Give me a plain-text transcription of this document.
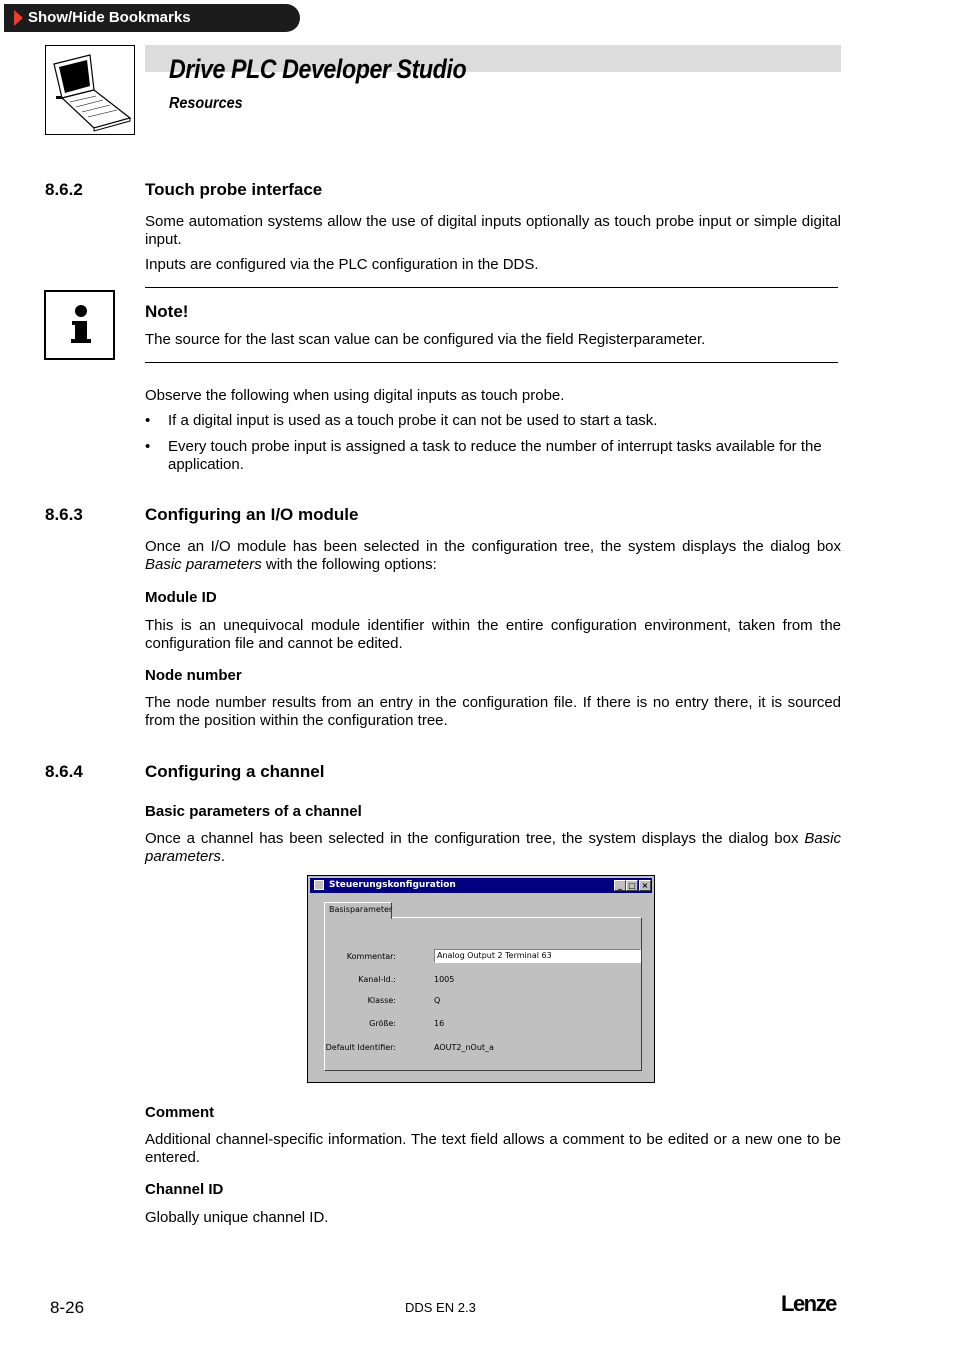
Show/Hide Bookmarks
Drive PLC Developer Studio
Resources
8.6.2	Touch probe interface
Some automation systems allow the use of digital inputs optionally as touch probe input or simple digital input.
Inputs are configured via the PLC configuration in the DDS.
Note!
The source for the last scan value can be configured via the field Registerparameter.
Observe the following when using digital inputs as touch probe.
• If a digital input is used as a touch probe it can not be used to start a task.
• Every touch probe input is assigned a task to reduce the number of interrupt tasks available for the application.
8.6.3	Configuring an I/O module
Once an I/O module has been selected in the configuration tree, the system displays the dialog box Basic parameters with the following options:
Module ID
This is an unequivocal module identifier within the entire configuration environment, taken from the configuration file and cannot be edited.
Node number
The node number results from an entry in the configuration file. If there is no entry there, it is sourced from the position within the configuration tree.
8.6.4	Configuring a channel
Basic parameters of a channel
Once a channel has been selected in the configuration tree, the system displays the dialog box Basic parameters.
Steuerungskonfiguration	_ □ ×
Kommentar:	Analog Output 2 Terminal 63
Kanal-Id.:	1005
Klasse:	Q
Größe:	16
Default Identifier:	AOUT2_nOut_a
Basisparameter
Comment
Additional channel-specific information. The text field allows a comment to be edited or a new one to be entered.
Channel ID
Globally unique channel ID.
8-26	DDS EN 2.3	Lenze
